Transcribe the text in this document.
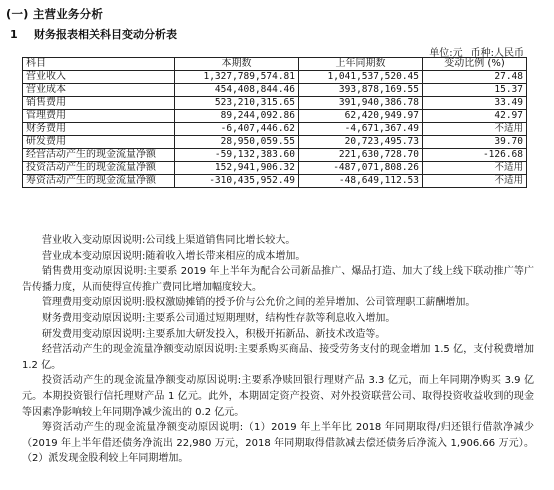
(一) 主营业务分析
1 财务报表相关科目变动分析表
单位:元 币种:人民币
科目	本期数	上年同期数	变动比例 (%)
营业收入	1,327,789,574.81	1,041,537,520.45	27.48
营业成本	454,408,844.46	393,878,169.55	15.37
销售费用	523,210,315.65	391,940,386.78	33.49
管理费用	89,244,092.86	62,420,949.97	42.97
财务费用	-6,407,446.62	-4,671,367.49	不适用
研发费用	28,950,059.55	20,723,495.73	39.70
经营活动产生的现金流量净额	-59,132,383.60	221,630,728.70	-126.68
投资活动产生的现金流量净额	152,941,906.32	-487,071,808.26	不适用
筹资活动产生的现金流量净额	-310,435,952.49	-48,649,112.53	不适用

营业收入变动原因说明:公司线上渠道销售同比增长较大。

营业成本变动原因说明:随着收入增长带来相应的成本增加。

销售费用变动原因说明:主要系 2019 年上半年为配合公司新品推广、爆品打造、加大了线上线下联动推广等广告传播力度，从而使得宣传推广费同比增加幅度较大。

管理费用变动原因说明:股权激励摊销的授予价与公允价之间的差异增加、公司管理职工薪酬增加。

财务费用变动原因说明:主要系公司通过短期理财，结构性存款等利息收入增加。

研发费用变动原因说明:主要系加大研发投入，积极开拓新品、新技术改造等。

经营活动产生的现金流量净额变动原因说明:主要系购买商品、接受劳务支付的现金增加 1.5 亿，支付税费增加 1.2 亿。

投资活动产生的现金流量净额变动原因说明:主要系净赎回银行理财产品 3.3 亿元，而上年同期净购买 3.9 亿元。本期投资银行信托理财产品 1 亿元。此外，本期固定资产投资、对外投资联营公司、取得投资收益收到的现金等因素净影响较上年同期净减少流出的 0.2 亿元。

筹资活动产生的现金流量净额变动原因说明:（1）2019 年上半年比 2018 年同期取得/归还银行借款净减少（2019 年上半年借还债务净流出 22,980 万元，2018 年同期取得借款减去偿还债务后净流入 1,906.66 万元）。（2）派发现金股利较上年同期增加。
